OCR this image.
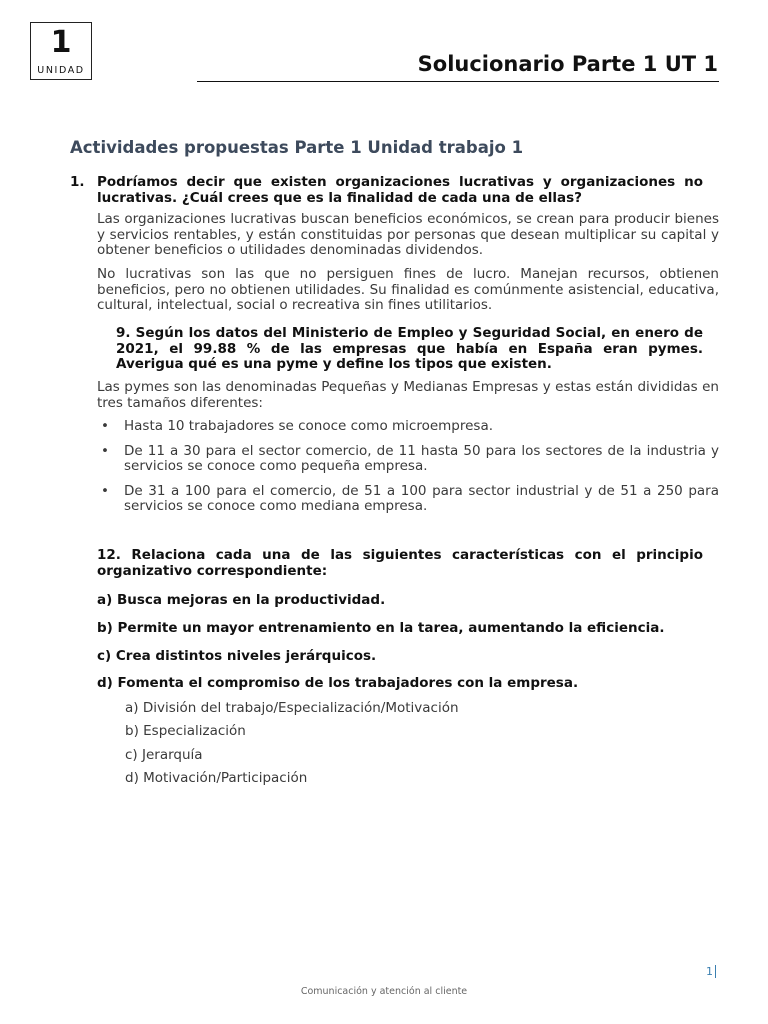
1
UNIDAD	Solucionario Parte 1 UT 1
Actividades propuestas Parte 1 Unidad trabajo 1
1. Podríamos decir que existen organizaciones lucrativas y organizaciones no lucrativas. ¿Cuál crees que es la finalidad de cada una de ellas?

Las organizaciones lucrativas buscan beneficios económicos, se crean para producir bienes y servicios rentables, y están constituidas por personas que desean multiplicar su capital y obtener beneficios o utilidades denominadas dividendos.

No lucrativas son las que no persiguen fines de lucro. Manejan recursos, obtienen beneficios, pero no obtienen utilidades. Su finalidad es comúnmente asistencial, educativa, cultural, intelectual, social o recreativa sin fines utilitarios.

9. Según los datos del Ministerio de Empleo y Seguridad Social, en enero de 2021, el 99.88 % de las empresas que había en España eran pymes. Averigua qué es una pyme y define los tipos que existen.

Las pymes son las denominadas Pequeñas y Medianas Empresas y estas están divididas en tres tamaños diferentes:

• Hasta 10 trabajadores se conoce como microempresa.
• De 11 a 30 para el sector comercio, de 11 hasta 50 para los sectores de la industria y servicios se conoce como pequeña empresa.
• De 31 a 100 para el comercio, de 51 a 100 para sector industrial y de 51 a 250 para servicios se conoce como mediana empresa.

12. Relaciona cada una de las siguientes características con el principio organizativo correspondiente:

a) Busca mejoras en la productividad.

b) Permite un mayor entrenamiento en la tarea, aumentando la eficiencia.

c) Crea distintos niveles jerárquicos.

d) Fomenta el compromiso de los trabajadores con la empresa.

a) División del trabajo/Especialización/Motivación
b) Especialización
c) Jerarquía
d) Motivación/Participación
1
Comunicación y atención al cliente
